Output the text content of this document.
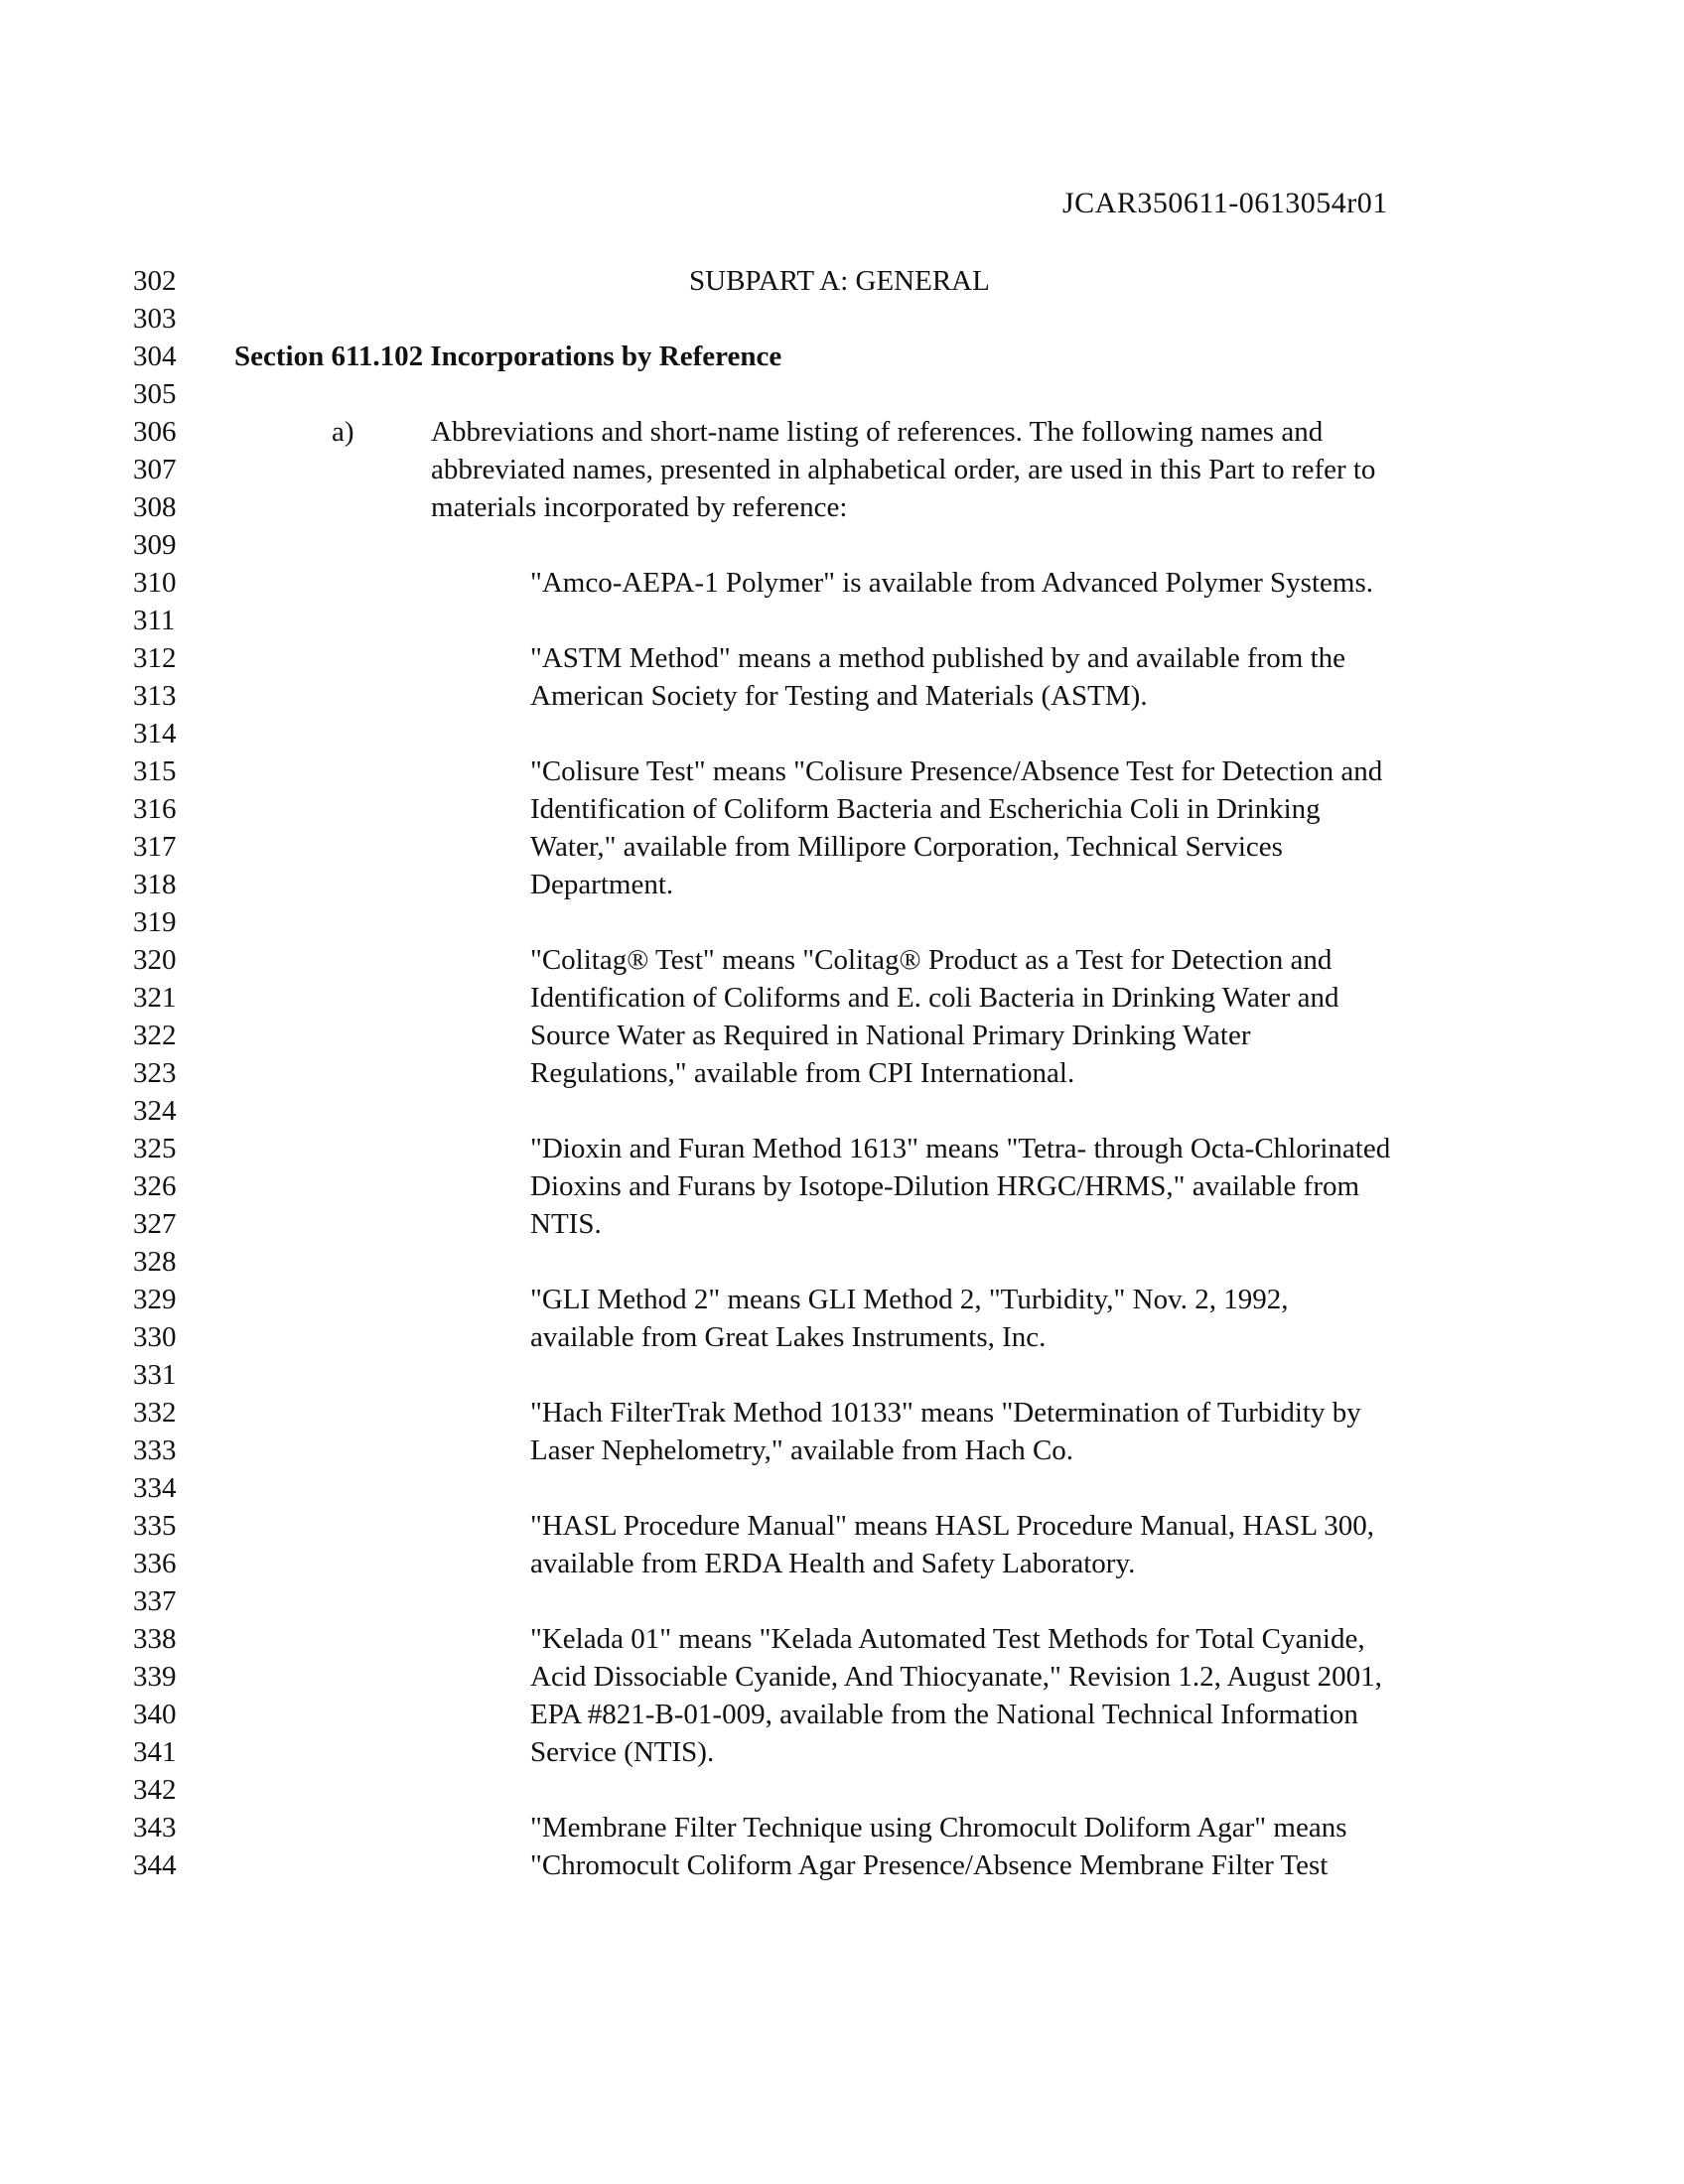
JCAR350611-0613054r01
302	SUBPART A: GENERAL
303
304	Section 611.102 Incorporations by Reference
305
306	a)	Abbreviations and short-name listing of references. The following names and
307	abbreviated names, presented in alphabetical order, are used in this Part to refer to
308	materials incorporated by reference:
309
310	"Amco-AEPA-1 Polymer" is available from Advanced Polymer Systems.
311
312	"ASTM Method" means a method published by and available from the
313	American Society for Testing and Materials (ASTM).
314
315	"Colisure Test" means "Colisure Presence/Absence Test for Detection and
316	Identification of Coliform Bacteria and Escherichia Coli in Drinking
317	Water," available from Millipore Corporation, Technical Services
318	Department.
319
320	"Colitag® Test" means "Colitag® Product as a Test for Detection and
321	Identification of Coliforms and E. coli Bacteria in Drinking Water and
322	Source Water as Required in National Primary Drinking Water
323	Regulations," available from CPI International.
324
325	"Dioxin and Furan Method 1613" means "Tetra- through Octa-Chlorinated
326	Dioxins and Furans by Isotope-Dilution HRGC/HRMS," available from
327	NTIS.
328
329	"GLI Method 2" means GLI Method 2, "Turbidity," Nov. 2, 1992,
330	available from Great Lakes Instruments, Inc.
331
332	"Hach FilterTrak Method 10133" means "Determination of Turbidity by
333	Laser Nephelometry," available from Hach Co.
334
335	"HASL Procedure Manual" means HASL Procedure Manual, HASL 300,
336	available from ERDA Health and Safety Laboratory.
337
338	"Kelada 01" means "Kelada Automated Test Methods for Total Cyanide,
339	Acid Dissociable Cyanide, And Thiocyanate," Revision 1.2, August 2001,
340	EPA #821-B-01-009, available from the National Technical Information
341	Service (NTIS).
342
343	"Membrane Filter Technique using Chromocult Doliform Agar" means
344	"Chromocult Coliform Agar Presence/Absence Membrane Filter Test
